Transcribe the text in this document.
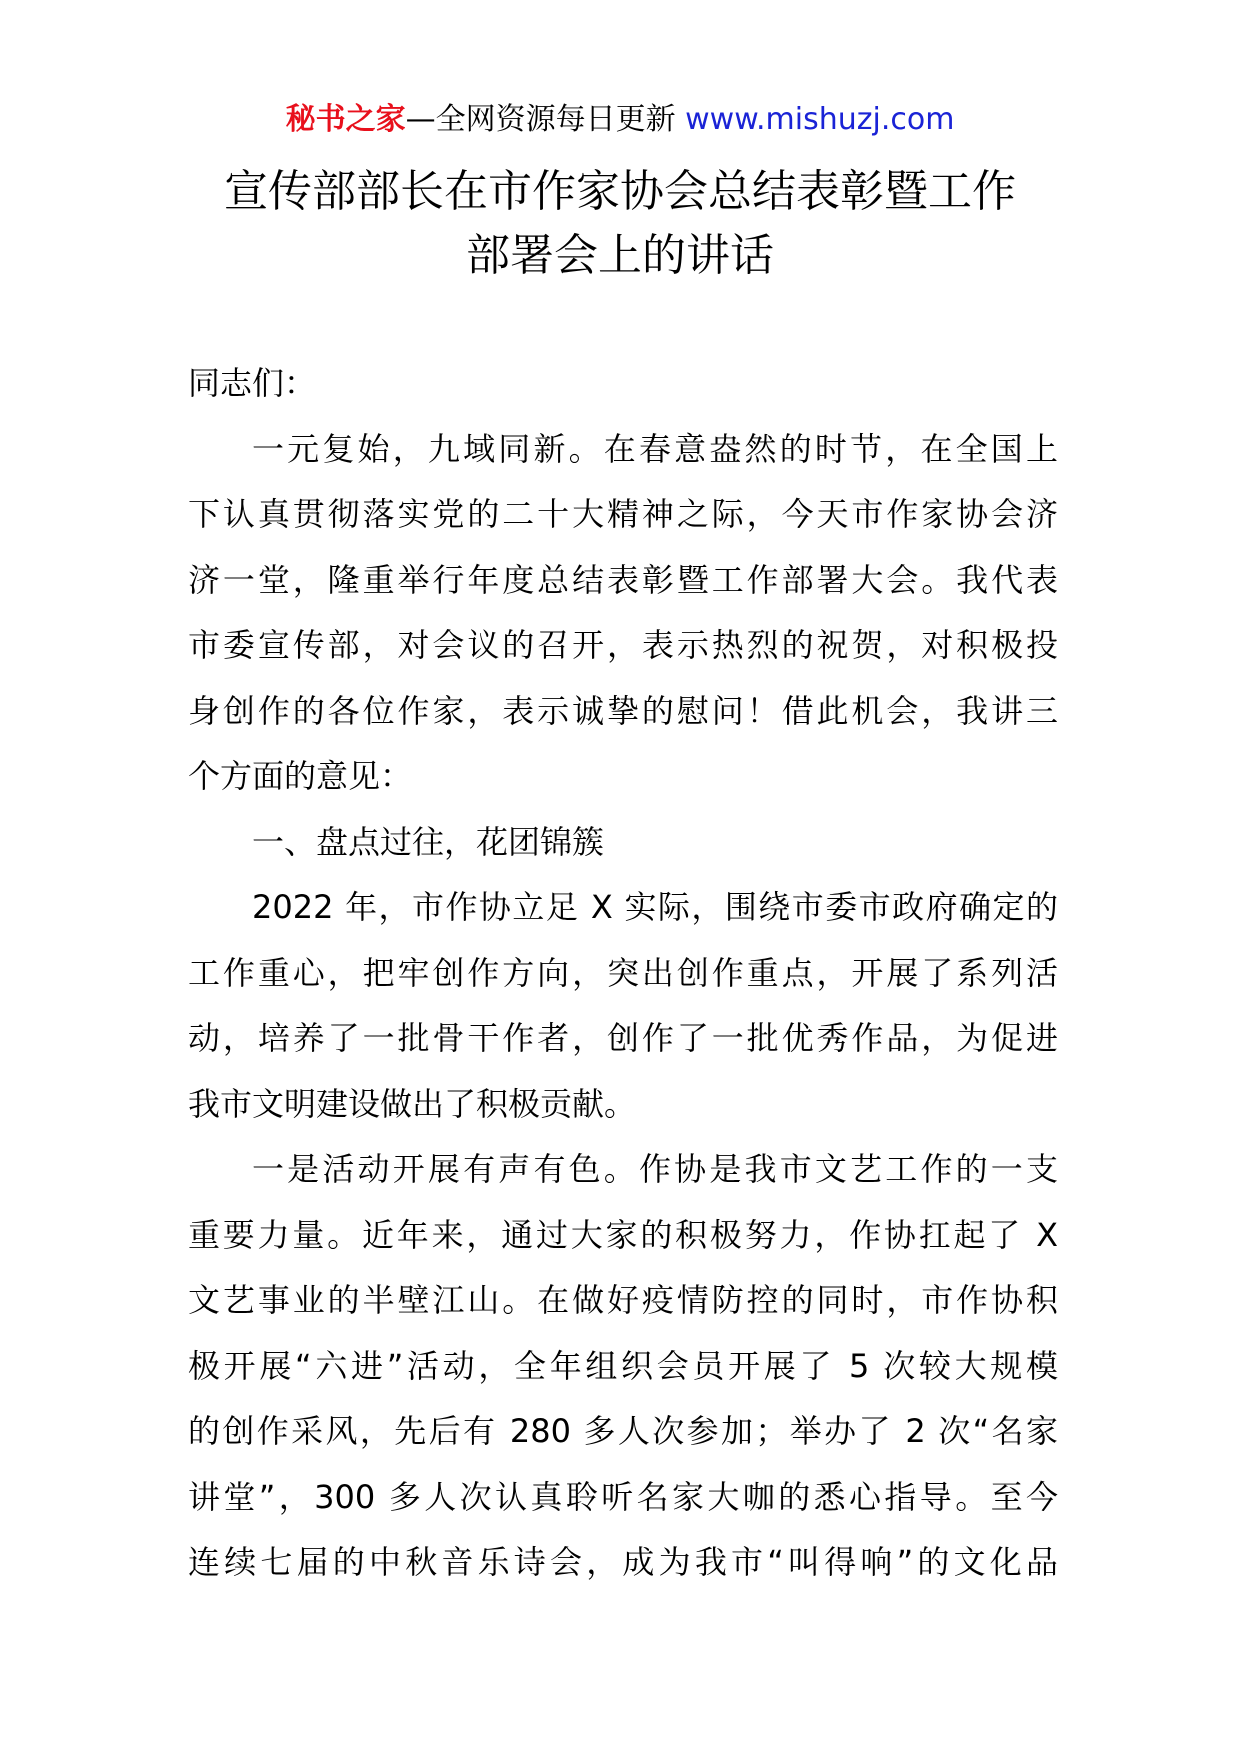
秘书之家—全网资源每日更新 www.mishuzj.com
宣传部部长在市作家协会总结表彰暨工作
部署会上的讲话
同志们：
一元复始，九域同新。在春意盎然的时节，在全国上
下认真贯彻落实党的二十大精神之际，今天市作家协会济
济一堂，隆重举行年度总结表彰暨工作部署大会。我代表
市委宣传部，对会议的召开，表示热烈的祝贺，对积极投
身创作的各位作家，表示诚挚的慰问！借此机会，我讲三
个方面的意见：
一、盘点过往，花团锦簇
2022 年，市作协立足 X 实际，围绕市委市政府确定的
工作重心，把牢创作方向，突出创作重点，开展了系列活
动，培养了一批骨干作者，创作了一批优秀作品，为促进
我市文明建设做出了积极贡献。
一是活动开展有声有色。作协是我市文艺工作的一支
重要力量。近年来，通过大家的积极努力，作协扛起了 X
文艺事业的半壁江山。在做好疫情防控的同时，市作协积
极开展“六进”活动，全年组织会员开展了 5 次较大规模
的创作采风，先后有 280 多人次参加；举办了 2 次“名家
讲堂”，300 多人次认真聆听名家大咖的悉心指导。至今
连续七届的中秋音乐诗会，成为我市“叫得响”的文化品
